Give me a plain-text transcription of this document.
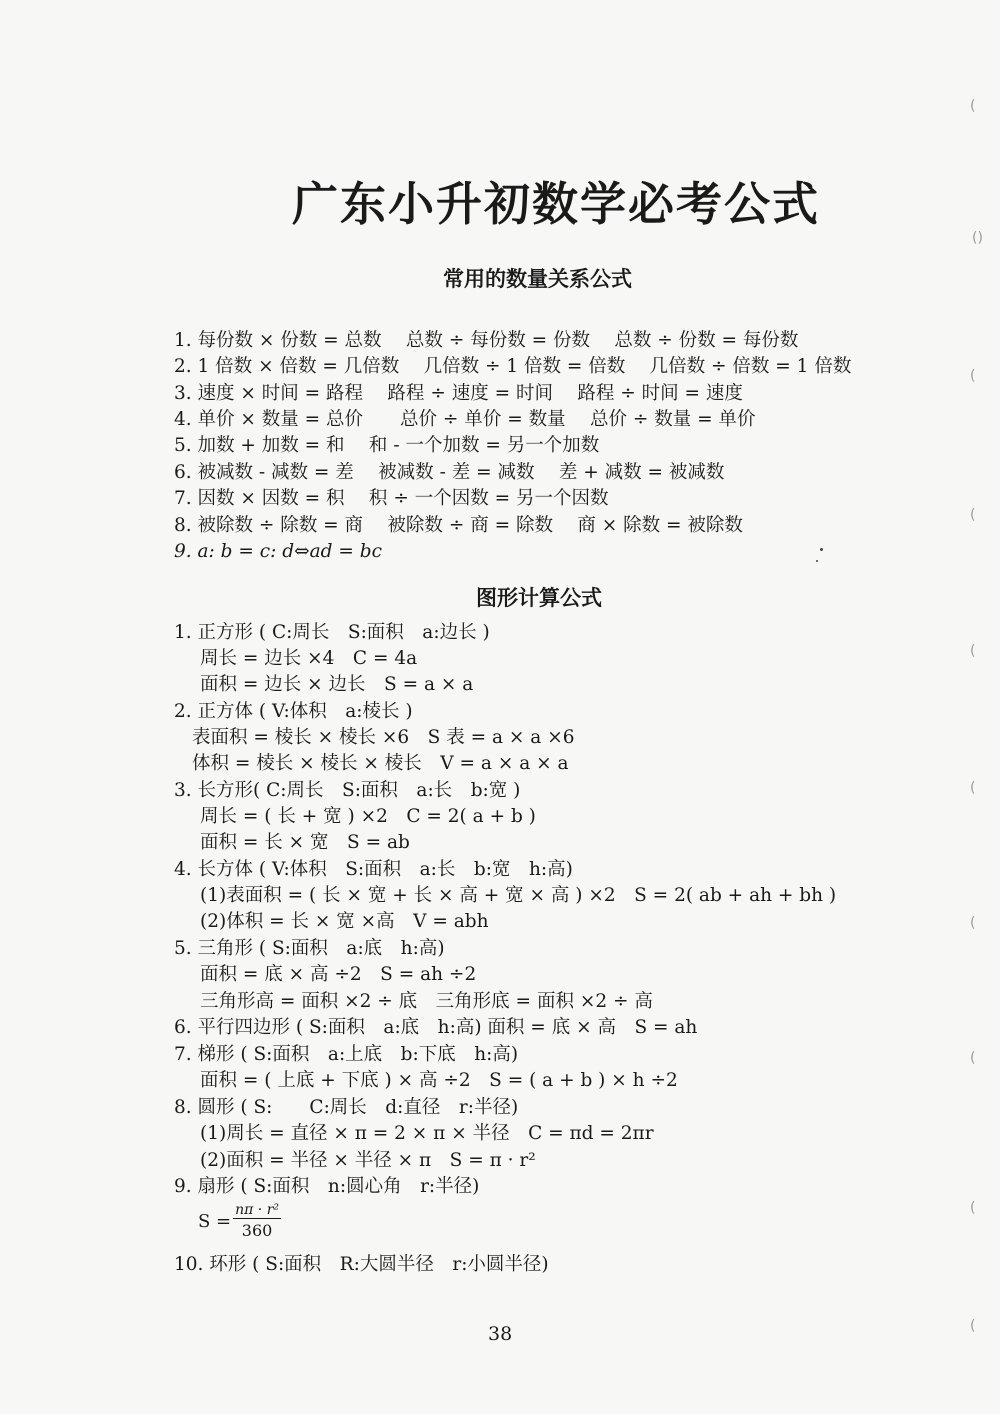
广东小升初数学必考公式
常用的数量关系公式
1. 每份数 × 份数 = 总数　 总数 ÷ 每份数 = 份数　 总数 ÷ 份数 = 每份数
2. 1 倍数 × 倍数 = 几倍数　 几倍数 ÷ 1 倍数 = 倍数　 几倍数 ÷ 倍数 = 1 倍数
3. 速度 × 时间 = 路程　 路程 ÷ 速度 = 时间　 路程 ÷ 时间 = 速度
4. 单价 × 数量 = 总价　　总价 ÷ 单价 = 数量　 总价 ÷ 数量 = 单价
5. 加数 + 加数 = 和　 和 - 一个加数 = 另一个加数
6. 被减数 - 减数 = 差　 被减数 - 差 = 减数　 差 + 减数 = 被减数
7. 因数 × 因数 = 积　 积 ÷ 一个因数 = 另一个因数
8. 被除数 ÷ 除数 = 商　 被除数 ÷ 商 = 除数　 商 × 除数 = 被除数
9. a: b = c: d⇔ad = bc
图形计算公式
1. 正方形 ( C:周长　S:面积　a:边长 )
周长 = 边长 ×4　C = 4a
面积 = 边长 × 边长　S = a × a
2. 正方体 ( V:体积　a:棱长 )
表面积 = 棱长 × 棱长 ×6　S 表 = a × a ×6
体积 = 棱长 × 棱长 × 棱长　V = a × a × a
3. 长方形( C:周长　S:面积　a:长　b:宽 )
周长 = ( 长 + 宽 ) ×2　C = 2( a + b )
面积 = 长 × 宽　S = ab
4. 长方体 ( V:体积　S:面积　a:长　b:宽　h:高)
(1)表面积 = ( 长 × 宽 + 长 × 高 + 宽 × 高 ) ×2　S = 2( ab + ah + bh )
(2)体积 = 长 × 宽 ×高　V = abh
5. 三角形 ( S:面积　a:底　h:高)
面积 = 底 × 高 ÷2　S = ah ÷2
三角形高 = 面积 ×2 ÷ 底　三角形底 = 面积 ×2 ÷ 高
6. 平行四边形 ( S:面积　a:底　h:高) 面积 = 底 × 高　S = ah
7. 梯形 ( S:面积　a:上底　b:下底　h:高)
面积 = ( 上底 + 下底 ) × 高 ÷2　S = ( a + b ) × h ÷2
8. 圆形 ( S:　　C:周长　d:直径　r:半径)
(1)周长 = 直径 × π = 2 × π × 半径　C = πd = 2πr
(2)面积 = 半径 × 半径 × π　S = π · r²
9. 扇形 ( S:面积　n:圆心角　r:半径)
$S = \frac{\text{nπ · r²}}{360}$
10. 环形 ( S:面积　R:大圆半径　r:小圆半径)
38
(
()
(
(
(
(
(
(
(
(
